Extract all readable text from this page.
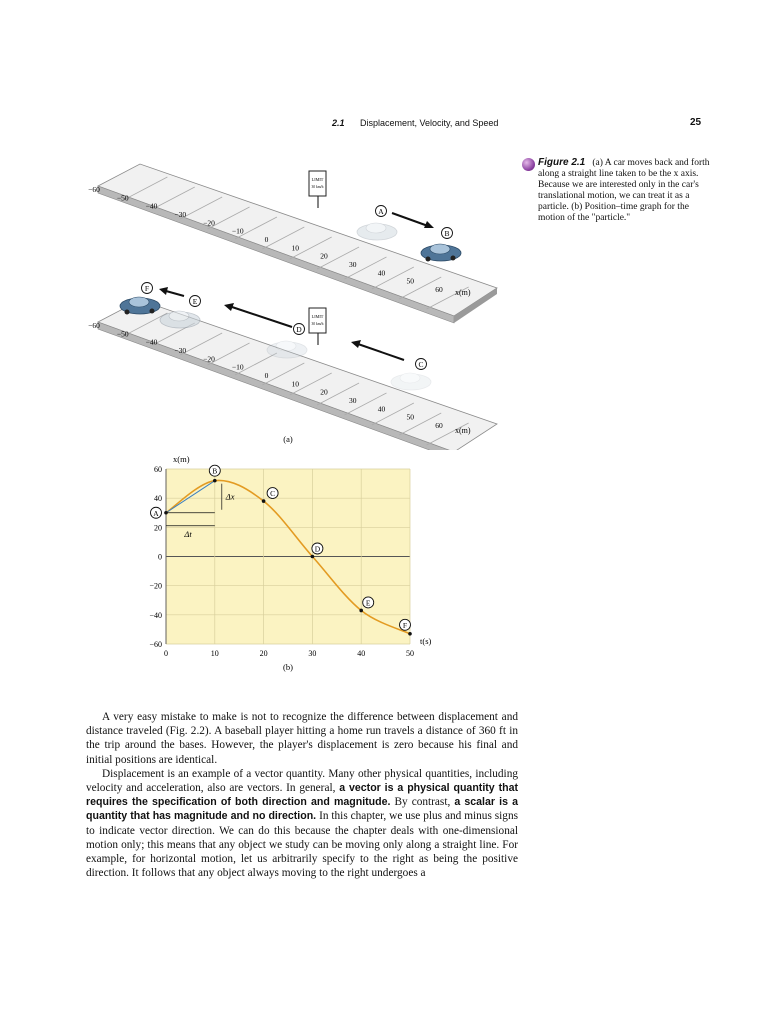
2.1 Displacement, Velocity, and Speed	25
LIMIT
30 km/h
LIMIT
30 km/h
A
B
F
E
D
C
−60
−50
−40
−30
−20
−10
0
10
20
30
40
50
60
−60
−50
−40
−30
−20
−10
0
10
20
30
40
50
60
x(m)
x(m)
(a)
Figure 2.1 (a) A car moves back and forth along a straight line taken to be the x axis. Because we are interested only in the car's translational motion, we can treat it as a particle. (b) Position–time graph for the motion of the "particle."
−60
−40
−20
0
20
40
60
0	10	20	30	40	50
A
B
C
D
E
F
x(m)
t(s)
Δx
Δt
(b)

A very easy mistake to make is not to recognize the difference between displacement and distance traveled (Fig. 2.2). A baseball player hitting a home run travels a distance of 360 ft in the trip around the bases. However, the player's displacement is zero because his final and initial positions are identical.

Displacement is an example of a vector quantity. Many other physical quantities, including velocity and acceleration, also are vectors. In general, a vector is a physical quantity that requires the specification of both direction and magnitude. By contrast, a scalar is a quantity that has magnitude and no direction. In this chapter, we use plus and minus signs to indicate vector direction. We can do this because the chapter deals with one-dimensional motion only; this means that any object we study can be moving only along a straight line. For example, for horizontal motion, let us arbitrarily specify to the right as being the positive direction. It follows that any object always moving to the right undergoes a
